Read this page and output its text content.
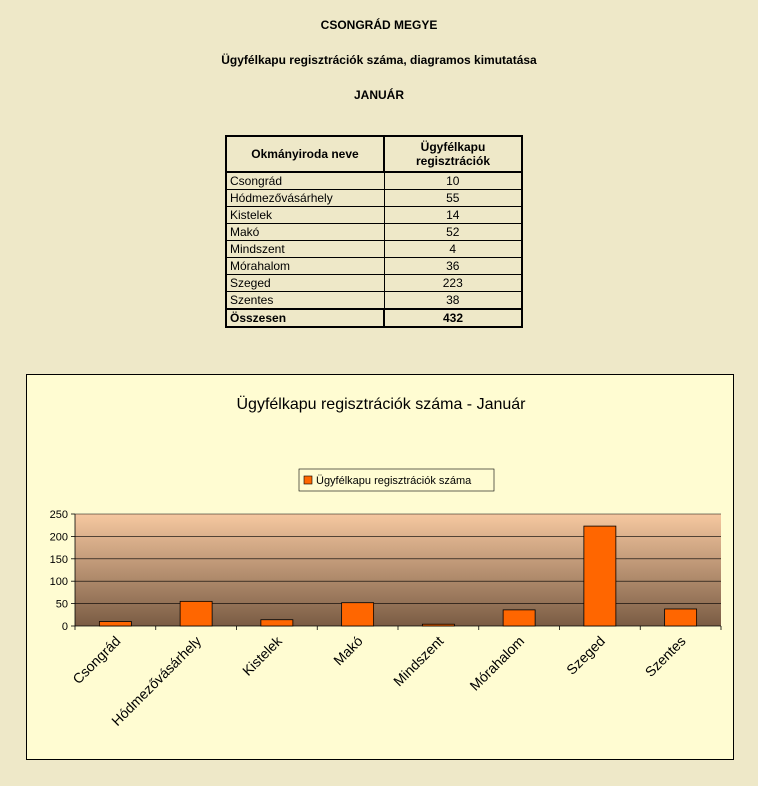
CSONGRÁD MEGYE
Ügyfélkapu regisztrációk száma, diagramos kimutatása
JANUÁR
Okmányiroda neve	Ügyfélkapu regisztrációk
Csongrád	10
Hódmezővásárhely	55
Kistelek	14
Makó	52
Mindszent	4
Mórahalom	36
Szeged	223
Szentes	38
Összesen	432
Ügyfélkapu regisztrációk száma - Január
Ügyfélkapu regisztrációk száma
0
50
100
150
200
250
Csongrád
Hódmezővásárhely Kistelek	Makó Mindszent Mórahalom	Szeged Szentes
